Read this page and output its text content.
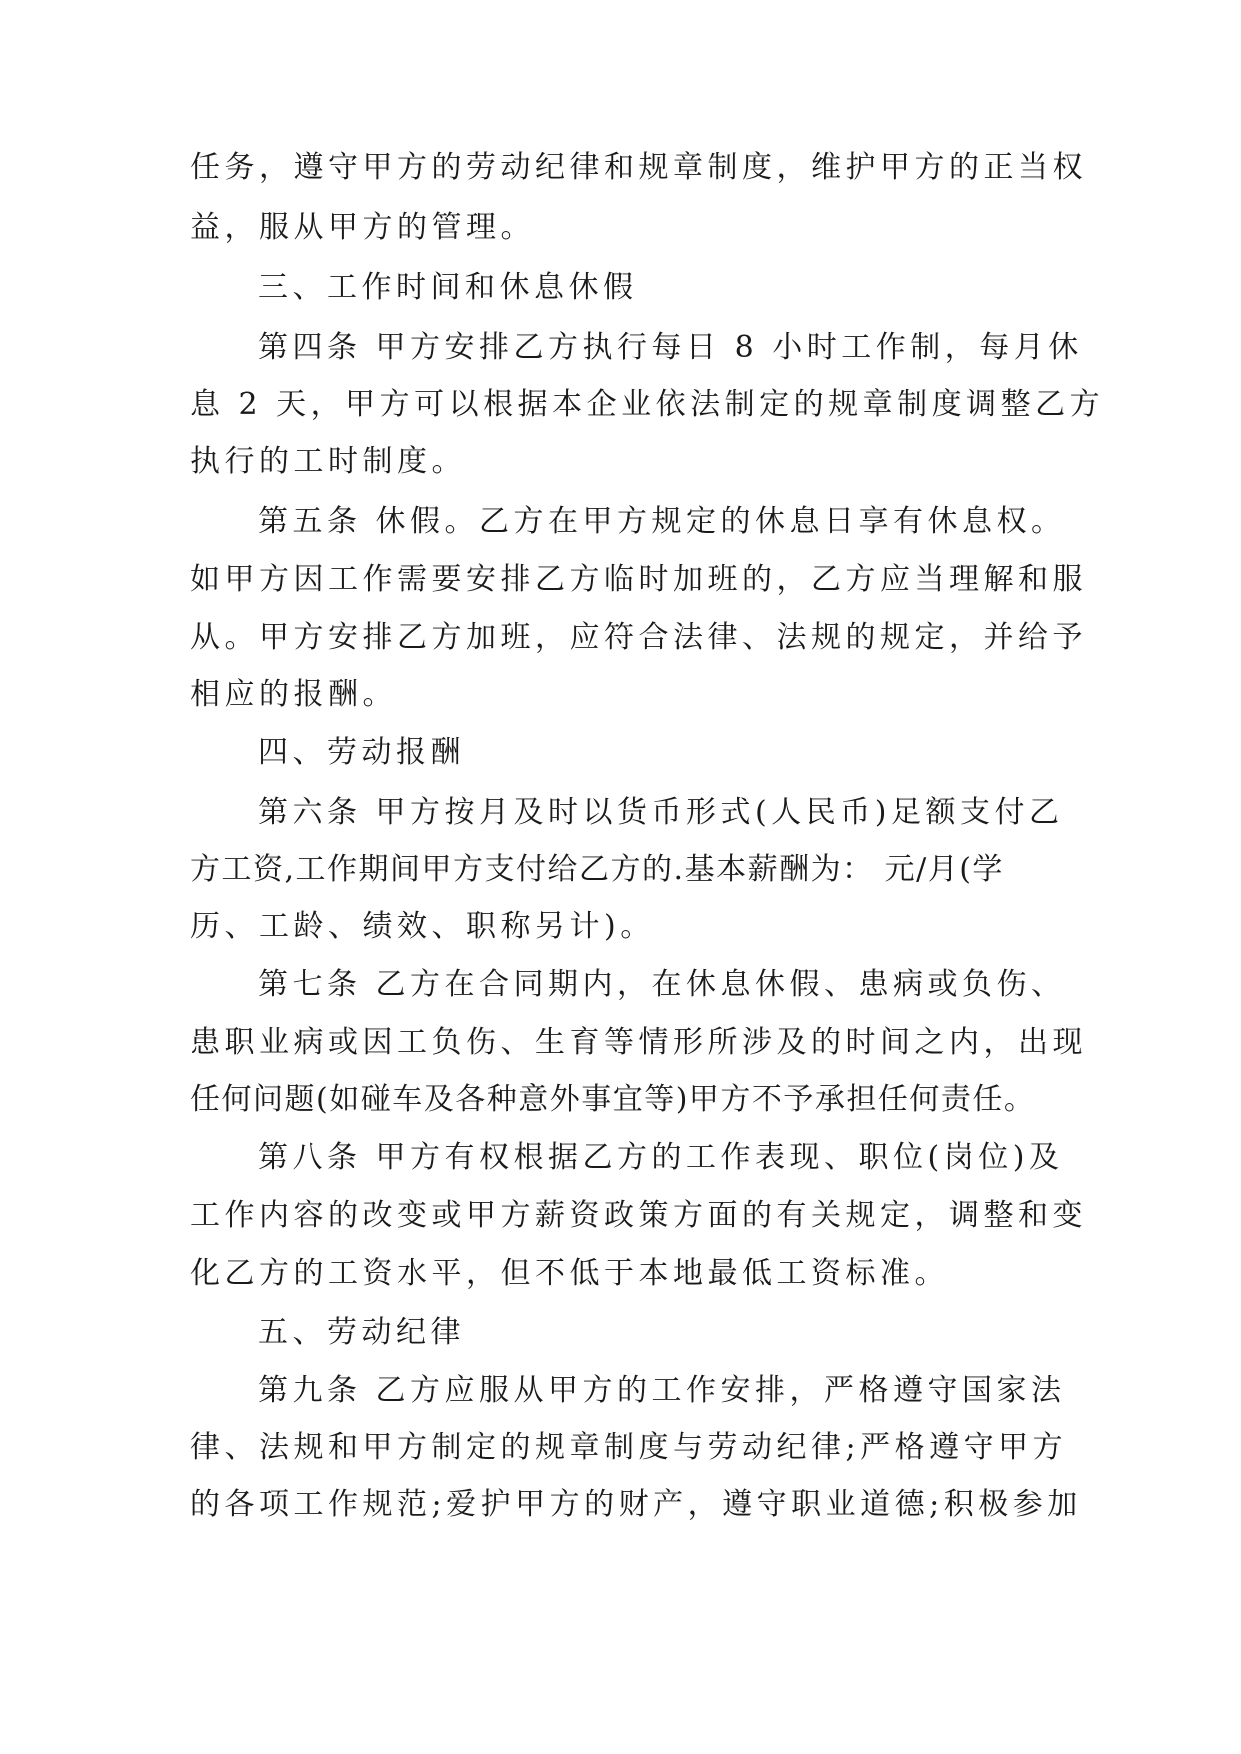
任务，遵守甲方的劳动纪律和规章制度，维护甲方的正当权
益，服从甲方的管理。
三、工作时间和休息休假
第四条 甲方安排乙方执行每日 8 小时工作制，每月休
息 2 天，甲方可以根据本企业依法制定的规章制度调整乙方
执行的工时制度。
第五条 休假。乙方在甲方规定的休息日享有休息权。
如甲方因工作需要安排乙方临时加班的，乙方应当理解和服
从。甲方安排乙方加班，应符合法律、法规的规定，并给予
相应的报酬。
四、劳动报酬
第六条 甲方按月及时以货币形式(人民币)足额支付乙
方工资,工作期间甲方支付给乙方的.基本薪酬为： 元/月(学
历、工龄、绩效、职称另计)。
第七条 乙方在合同期内，在休息休假、患病或负伤、
患职业病或因工负伤、生育等情形所涉及的时间之内，出现
任何问题(如碰车及各种意外事宜等)甲方不予承担任何责任。
第八条 甲方有权根据乙方的工作表现、职位(岗位)及
工作内容的改变或甲方薪资政策方面的有关规定，调整和变
化乙方的工资水平，但不低于本地最低工资标准。
五、劳动纪律
第九条 乙方应服从甲方的工作安排，严格遵守国家法
律、法规和甲方制定的规章制度与劳动纪律;严格遵守甲方
的各项工作规范;爱护甲方的财产，遵守职业道德;积极参加
